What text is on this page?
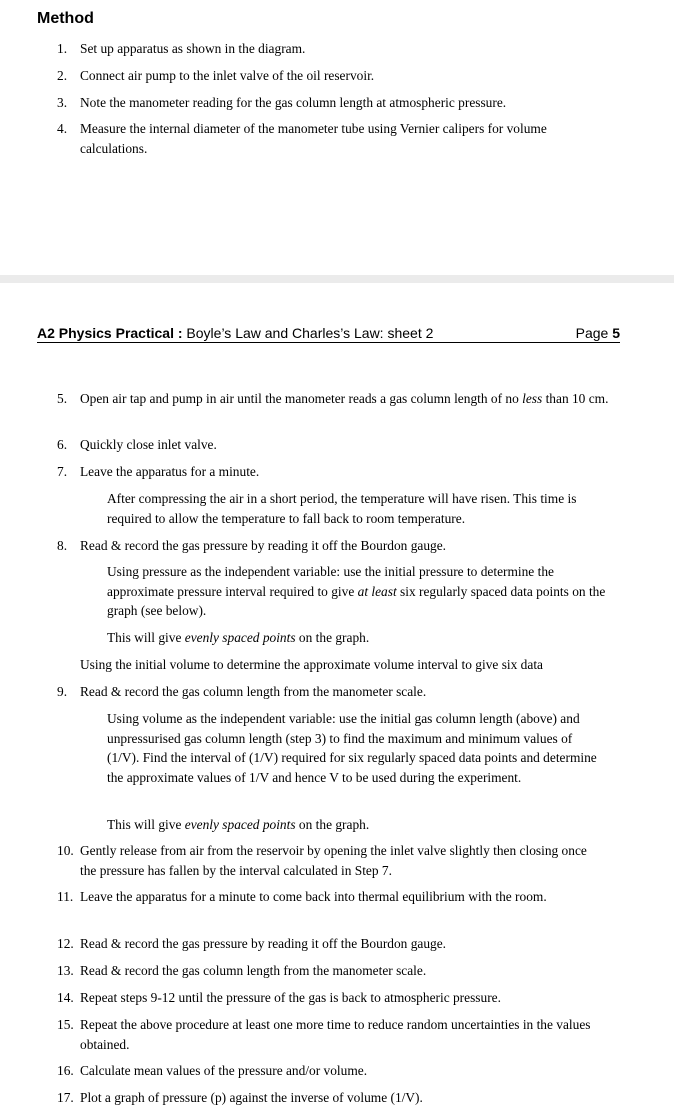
Method
1. Set up apparatus as shown in the diagram.
2. Connect air pump to the inlet valve of the oil reservoir.
3. Note the manometer reading for the gas column length at atmospheric pressure.
4. Measure the internal diameter of the manometer tube using Vernier calipers for volume calculations.
A2 Physics Practical : Boyle’s Law and Charles’s Law: sheet 2	Page 5
5. Open air tap and pump in air until the manometer reads a gas column length of no less than 10 cm.
6. Quickly close inlet valve.
7. Leave the apparatus for a minute.
After compressing the air in a short period, the temperature will have risen. This time is required to allow the temperature to fall back to room temperature.
8. Read & record the gas pressure by reading it off the Bourdon gauge.
Using pressure as the independent variable: use the initial pressure to determine the approximate pressure interval required to give at least six regularly spaced data points on the graph (see below).
This will give evenly spaced points on the graph.
Using the initial volume to determine the approximate volume interval to give six data
9. Read & record the gas column length from the manometer scale.
Using volume as the independent variable: use the initial gas column length (above) and unpressurised gas column length (step 3) to find the maximum and minimum values of (1/V). Find the interval of (1/V) required for six regularly spaced data points and determine the approximate values of 1/V and hence V to be used during the experiment.
This will give evenly spaced points on the graph.
10. Gently release from air from the reservoir by opening the inlet valve slightly then closing once the pressure has fallen by the interval calculated in Step 7.
11. Leave the apparatus for a minute to come back into thermal equilibrium with the room.
12. Read & record the gas pressure by reading it off the Bourdon gauge.
13. Read & record the gas column length from the manometer scale.
14. Repeat steps 9-12 until the pressure of the gas is back to atmospheric pressure.
15. Repeat the above procedure at least one more time to reduce random uncertainties in the values obtained.
16. Calculate mean values of the pressure and/or volume.
17. Plot a graph of pressure (p) against the inverse of volume (1/V).
